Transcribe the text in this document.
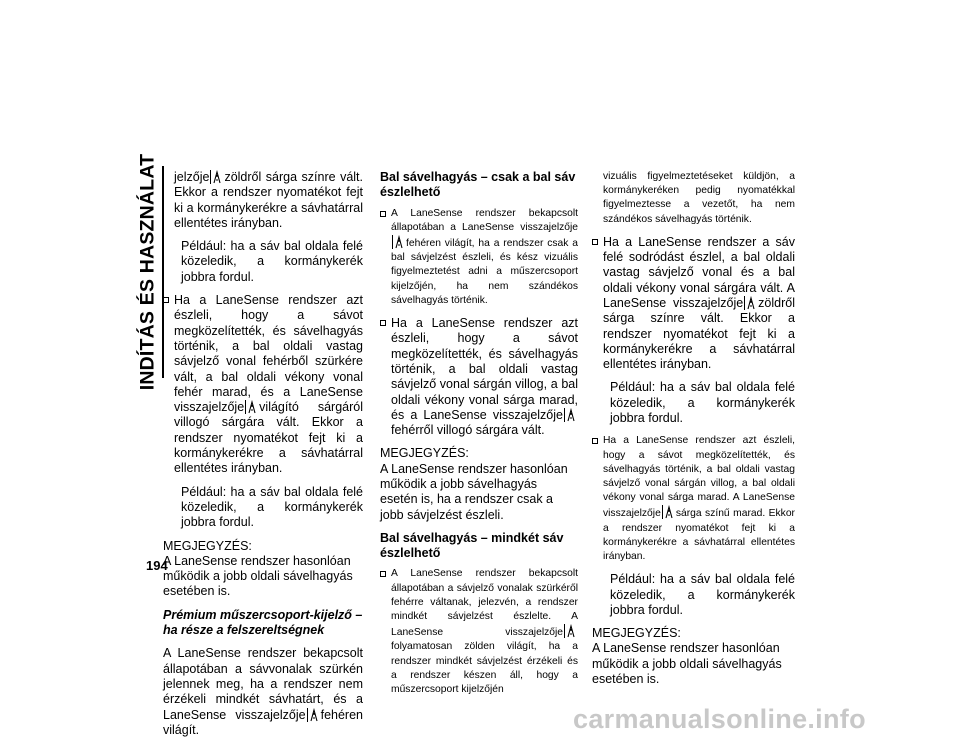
INDÍTÁS ÉS HASZNÁLAT
194

jelzője zöldről sárga színre vált. Ekkor a rendszer nyomatékot fejt ki a kormánykerékre a sávhatárral ellentétes irányban.

Például: ha a sáv bal oldala felé közeledik, a kormánykerék jobbra fordul.

Ha a LaneSense rendszer azt észleli, hogy a sávot megközelítették, és sávelhagyás történik, a bal oldali vastag sávjelző vonal fehérből szürkére vált, a bal oldali vékony vonal fehér marad, és a LaneSense visszajelzője világító sárgáról villogó sárgára vált. Ekkor a rendszer nyomatékot fejt ki a kormánykerékre a sávhatárral ellentétes irányban.

Például: ha a sáv bal oldala felé közeledik, a kormánykerék jobbra fordul.

MEGJEGYZÉS:

A LaneSense rendszer hasonlóan működik a jobb oldali sávelhagyás esetében is.

Prémium műszercsoport-kijelző – ha része a felszereltségnek

A LaneSense rendszer bekapcsolt állapotában a sávvonalak szürkén jelennek meg, ha a rendszer nem érzékeli mindkét sávhatárt, és a LaneSense visszajelzője fehéren világít.

Bal sávelhagyás – csak a bal sáv észlelhető

A LaneSense rendszer bekapcsolt állapotában a LaneSense visszajelzője
fehéren világít, ha a rendszer csak a bal sávjelzést észleli, és kész vizuális figyelmeztetést adni a műszercsoport kijelzőjén, ha nem szándékos sávelhagyás történik.
Ha a LaneSense rendszer azt észleli, hogy a sávot megközelítették, és sávelhagyás történik, a bal oldali vastag sávjelző vonal sárgán villog, a bal oldali vékony vonal sárga marad, és a LaneSense visszajelzője
fehérről villogó sárgára vált.

MEGJEGYZÉS:

A LaneSense rendszer hasonlóan működik a jobb sávelhagyás esetén is, ha a rendszer csak a jobb sávjelzést észleli.

Bal sávelhagyás – mindkét sáv észlelhető

A LaneSense rendszer bekapcsolt állapotában a sávjelző vonalak szürkéről fehérre váltanak, jelezvén, a rendszer mindkét sávjelzést észlelte. A LaneSense visszajelzője
folyamatosan zölden világít, ha a rendszer mindkét sávjelzést érzékeli és a rendszer készen áll, hogy a műszercsoport kijelzőjén

vizuális figyelmeztetéseket küldjön, a kormánykeréken pedig nyomatékkal figyelmeztesse a vezetőt, ha nem szándékos sávelhagyás történik.

Ha a LaneSense rendszer a sáv felé sodródást észlel, a bal oldali vastag sávjelző vonal és a bal oldali vékony vonal sárgára vált. A LaneSense visszajelzője zöldről sárga színre vált. Ekkor a rendszer nyomatékot fejt ki a kormánykerékre a sávhatárral ellentétes irányban.

Például: ha a sáv bal oldala felé közeledik, a kormánykerék jobbra fordul.

Ha a LaneSense rendszer azt észleli, hogy a sávot megközelítették, és sávelhagyás történik, a bal oldali vastag sávjelző vonal sárgán villog, a bal oldali vékony vonal sárga marad. A LaneSense visszajelzője sárga színű marad. Ekkor a rendszer nyomatékot fejt ki a kormánykerékre a sávhatárral ellentétes irányban.

Például: ha a sáv bal oldala felé közeledik, a kormánykerék jobbra fordul.

MEGJEGYZÉS:

A LaneSense rendszer hasonlóan működik a jobb oldali sávelhagyás esetében is.

carmanualsonline.info
